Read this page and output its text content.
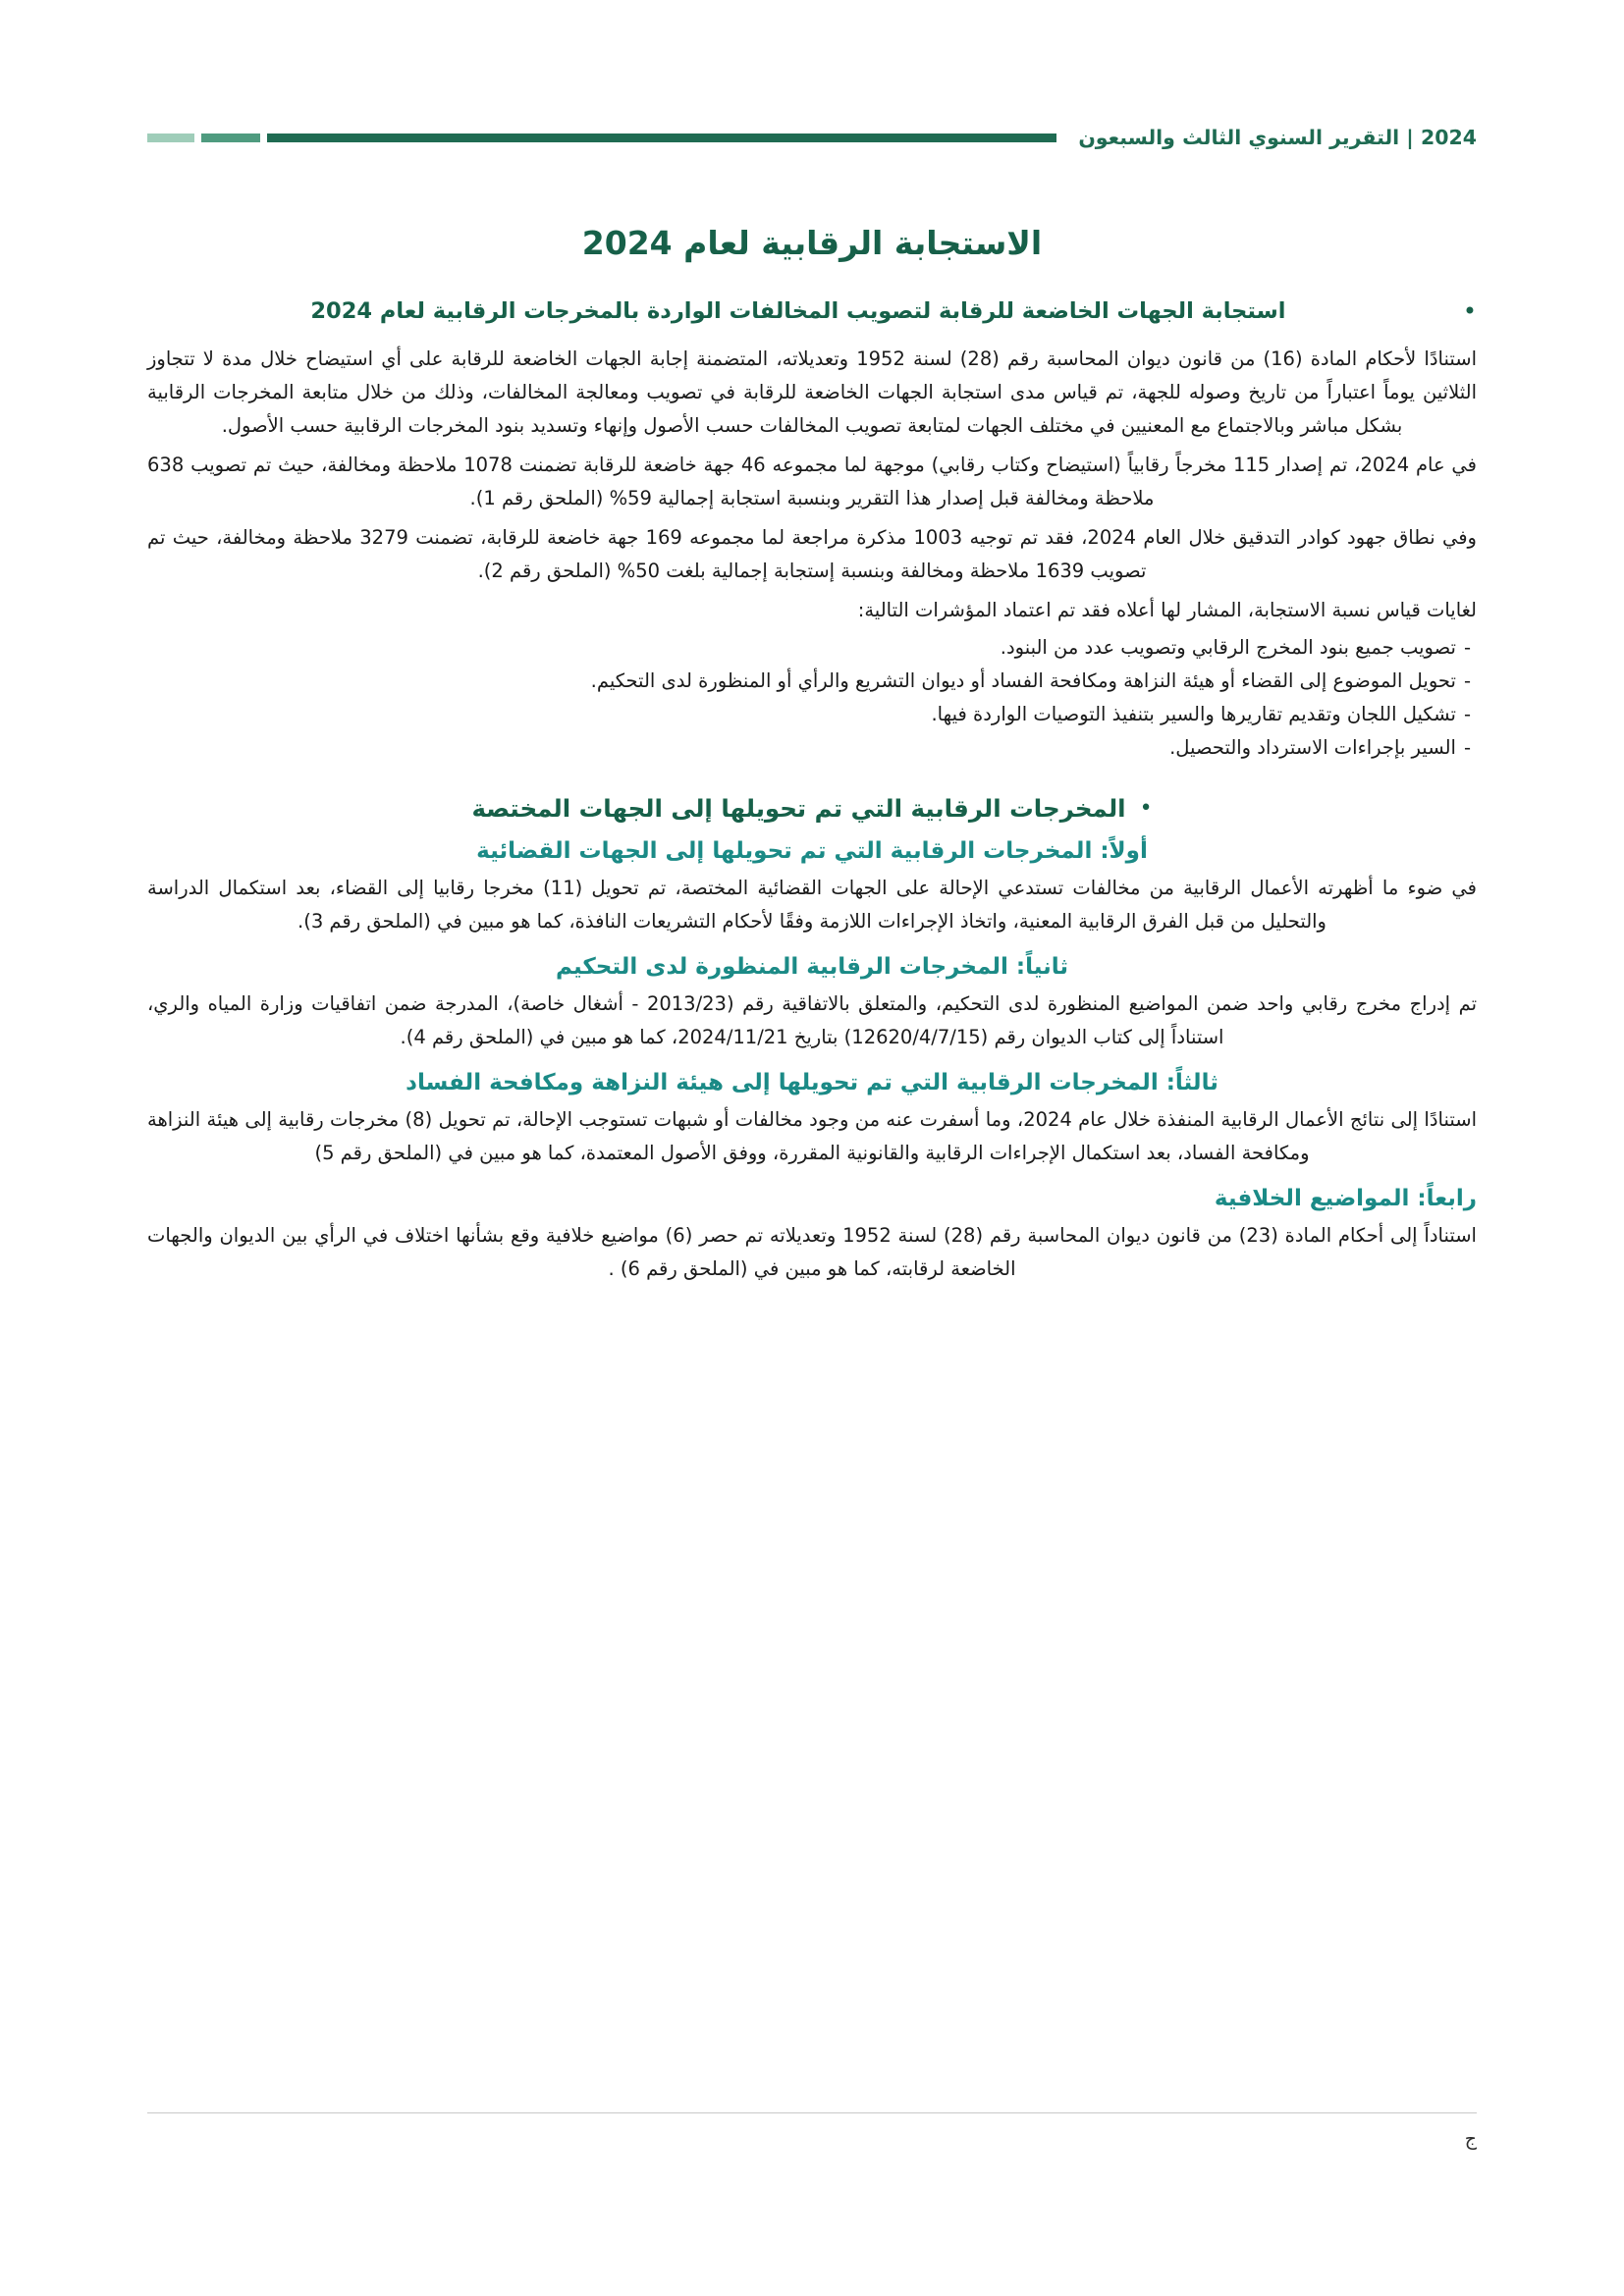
2024 | التقرير السنوي الثالث والسبعون
الاستجابة الرقابية لعام 2024
•
استجابة الجهات الخاضعة للرقابة لتصويب المخالفات الواردة بالمخرجات الرقابية لعام 2024

استنادًا لأحكام المادة (16) من قانون ديوان المحاسبة رقم (28) لسنة 1952 وتعديلاته، المتضمنة إجابة الجهات الخاضعة للرقابة على أي استيضاح خلال مدة لا تتجاوز الثلاثين يوماً اعتباراً من تاريخ وصوله للجهة، تم قياس مدى استجابة الجهات الخاضعة للرقابة في تصويب ومعالجة المخالفات، وذلك من خلال متابعة المخرجات الرقابية بشكل مباشر وبالاجتماع مع المعنيين في مختلف الجهات لمتابعة تصويب المخالفات حسب الأصول وإنهاء وتسديد بنود المخرجات الرقابية حسب الأصول.

في عام 2024، تم إصدار 115 مخرجاً رقابياً (استيضاح وكتاب رقابي) موجهة لما مجموعه 46 جهة خاضعة للرقابة تضمنت 1078 ملاحظة ومخالفة، حيث تم تصويب 638 ملاحظة ومخالفة قبل إصدار هذا التقرير وبنسبة استجابة إجمالية 59% (الملحق رقم 1).

وفي نطاق جهود كوادر التدقيق خلال العام 2024، فقد تم توجيه 1003 مذكرة مراجعة لما مجموعه 169 جهة خاضعة للرقابة، تضمنت 3279 ملاحظة ومخالفة، حيث تم تصويب 1639 ملاحظة ومخالفة وبنسبة إستجابة إجمالية بلغت 50% (الملحق رقم 2).

لغايات قياس نسبة الاستجابة، المشار لها أعلاه فقد تم اعتماد المؤشرات التالية:
-
تصويب جميع بنود المخرج الرقابي وتصويب عدد من البنود.
-
تحويل الموضوع إلى القضاء أو هيئة النزاهة ومكافحة الفساد أو ديوان التشريع والرأي أو المنظورة لدى التحكيم.
-
تشكيل اللجان وتقديم تقاريرها والسير بتنفيذ التوصيات الواردة فيها.
-
السير بإجراءات الاسترداد والتحصيل.
•
المخرجات الرقابية التي تم تحويلها إلى الجهات المختصة
أولاً: المخرجات الرقابية التي تم تحويلها إلى الجهات القضائية

في ضوء ما أظهرته الأعمال الرقابية من مخالفات تستدعي الإحالة على الجهات القضائية المختصة، تم تحويل (11) مخرجا رقابيا إلى القضاء، بعد استكمال الدراسة والتحليل من قبل الفرق الرقابية المعنية، واتخاذ الإجراءات اللازمة وفقًا لأحكام التشريعات النافذة، كما هو مبين في (الملحق رقم 3).

ثانياً: المخرجات الرقابية المنظورة لدى التحكيم

تم إدراج مخرج رقابي واحد ضمن المواضيع المنظورة لدى التحكيم، والمتعلق بالاتفاقية رقم (2013/23 - أشغال خاصة)، المدرجة ضمن اتفاقيات وزارة المياه والري، استناداً إلى كتاب الديوان رقم (12620/4/7/15) بتاريخ 2024/11/21، كما هو مبين في (الملحق رقم 4).

ثالثاً: المخرجات الرقابية التي تم تحويلها إلى هيئة النزاهة ومكافحة الفساد

استنادًا إلى نتائج الأعمال الرقابية المنفذة خلال عام 2024، وما أسفرت عنه من وجود مخالفات أو شبهات تستوجب الإحالة، تم تحويل (8) مخرجات رقابية إلى هيئة النزاهة ومكافحة الفساد، بعد استكمال الإجراءات الرقابية والقانونية المقررة، ووفق الأصول المعتمدة، كما هو مبين في (الملحق رقم 5)

رابعاً: المواضيع الخلافية

استناداً إلى أحكام المادة (23) من قانون ديوان المحاسبة رقم (28) لسنة 1952 وتعديلاته تم حصر (6) مواضيع خلافية وقع بشأنها اختلاف في الرأي بين الديوان والجهات الخاضعة لرقابته، كما هو مبين في (الملحق رقم 6) .

ج
